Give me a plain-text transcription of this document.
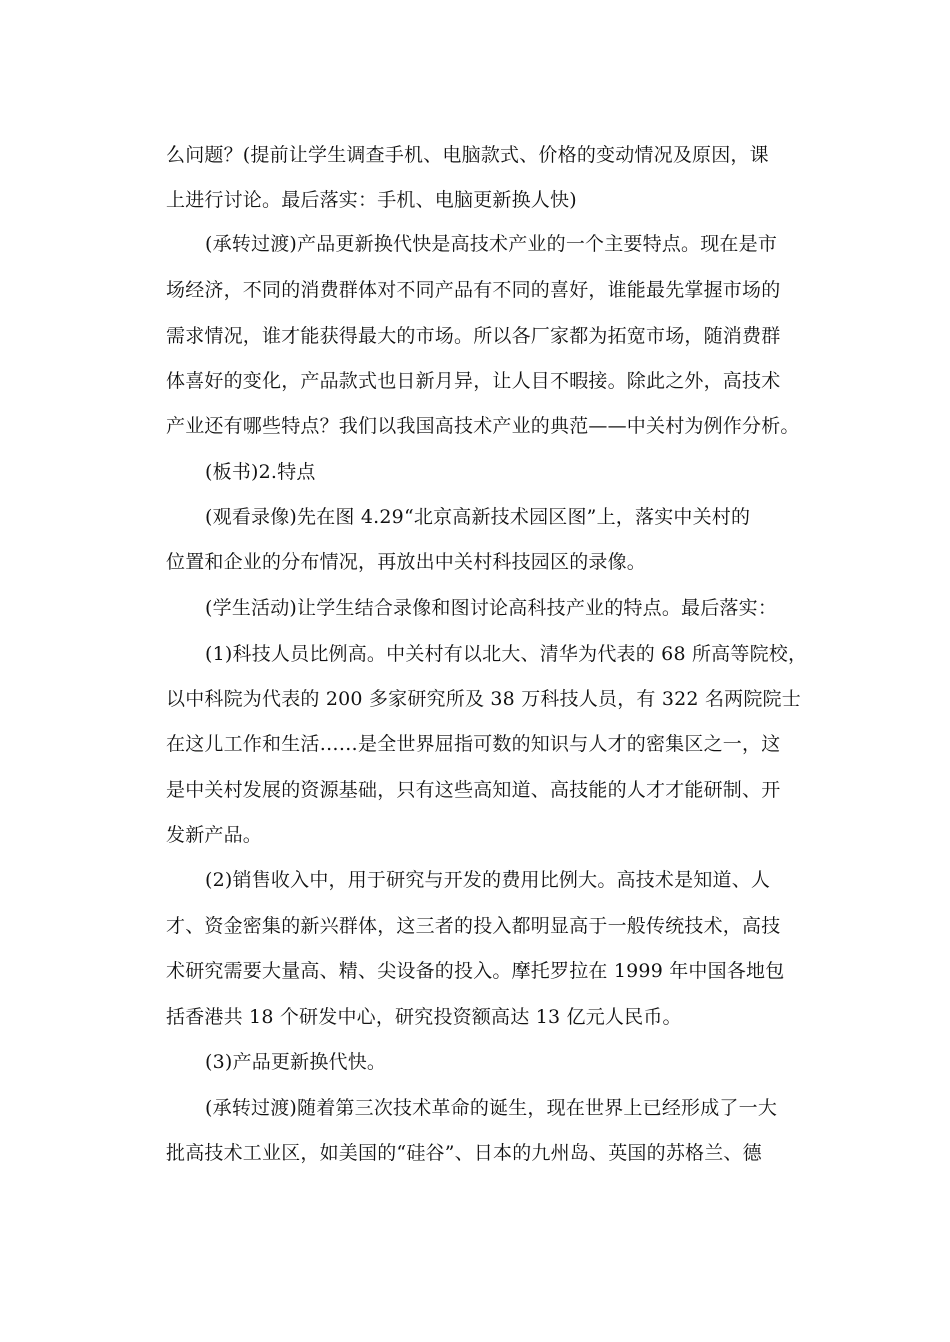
么问题？(提前让学生调查手机、电脑款式、价格的变动情况及原因，课
上进行讨论。最后落实：手机、电脑更新换人快)
(承转过渡)产品更新换代快是高技术产业的一个主要特点。现在是市
场经济，不同的消费群体对不同产品有不同的喜好，谁能最先掌握市场的
需求情况，谁才能获得最大的市场。所以各厂家都为拓宽市场，随消费群
体喜好的变化，产品款式也日新月异，让人目不暇接。除此之外，高技术
产业还有哪些特点？我们以我国高技术产业的典范——中关村为例作分析。
(板书)2.特点
(观看录像)先在图 4.29“北京高新技术园区图”上，落实中关村的
位置和企业的分布情况，再放出中关村科技园区的录像。
(学生活动)让学生结合录像和图讨论高科技产业的特点。最后落实：
(1)科技人员比例高。中关村有以北大、清华为代表的 68 所高等院校，
以中科院为代表的 200 多家研究所及 38 万科技人员，有 322 名两院院士
在这儿工作和生活……是全世界屈指可数的知识与人才的密集区之一，这
是中关村发展的资源基础，只有这些高知道、高技能的人才才能研制、开
发新产品。
(2)销售收入中，用于研究与开发的费用比例大。高技术是知道、人
才、资金密集的新兴群体，这三者的投入都明显高于一般传统技术，高技
术研究需要大量高、精、尖设备的投入。摩托罗拉在 1999 年中国各地包
括香港共 18 个研发中心，研究投资额高达 13 亿元人民币。
(3)产品更新换代快。
(承转过渡)随着第三次技术革命的诞生，现在世界上已经形成了一大
批高技术工业区，如美国的“硅谷”、日本的九州岛、英国的苏格兰、德
